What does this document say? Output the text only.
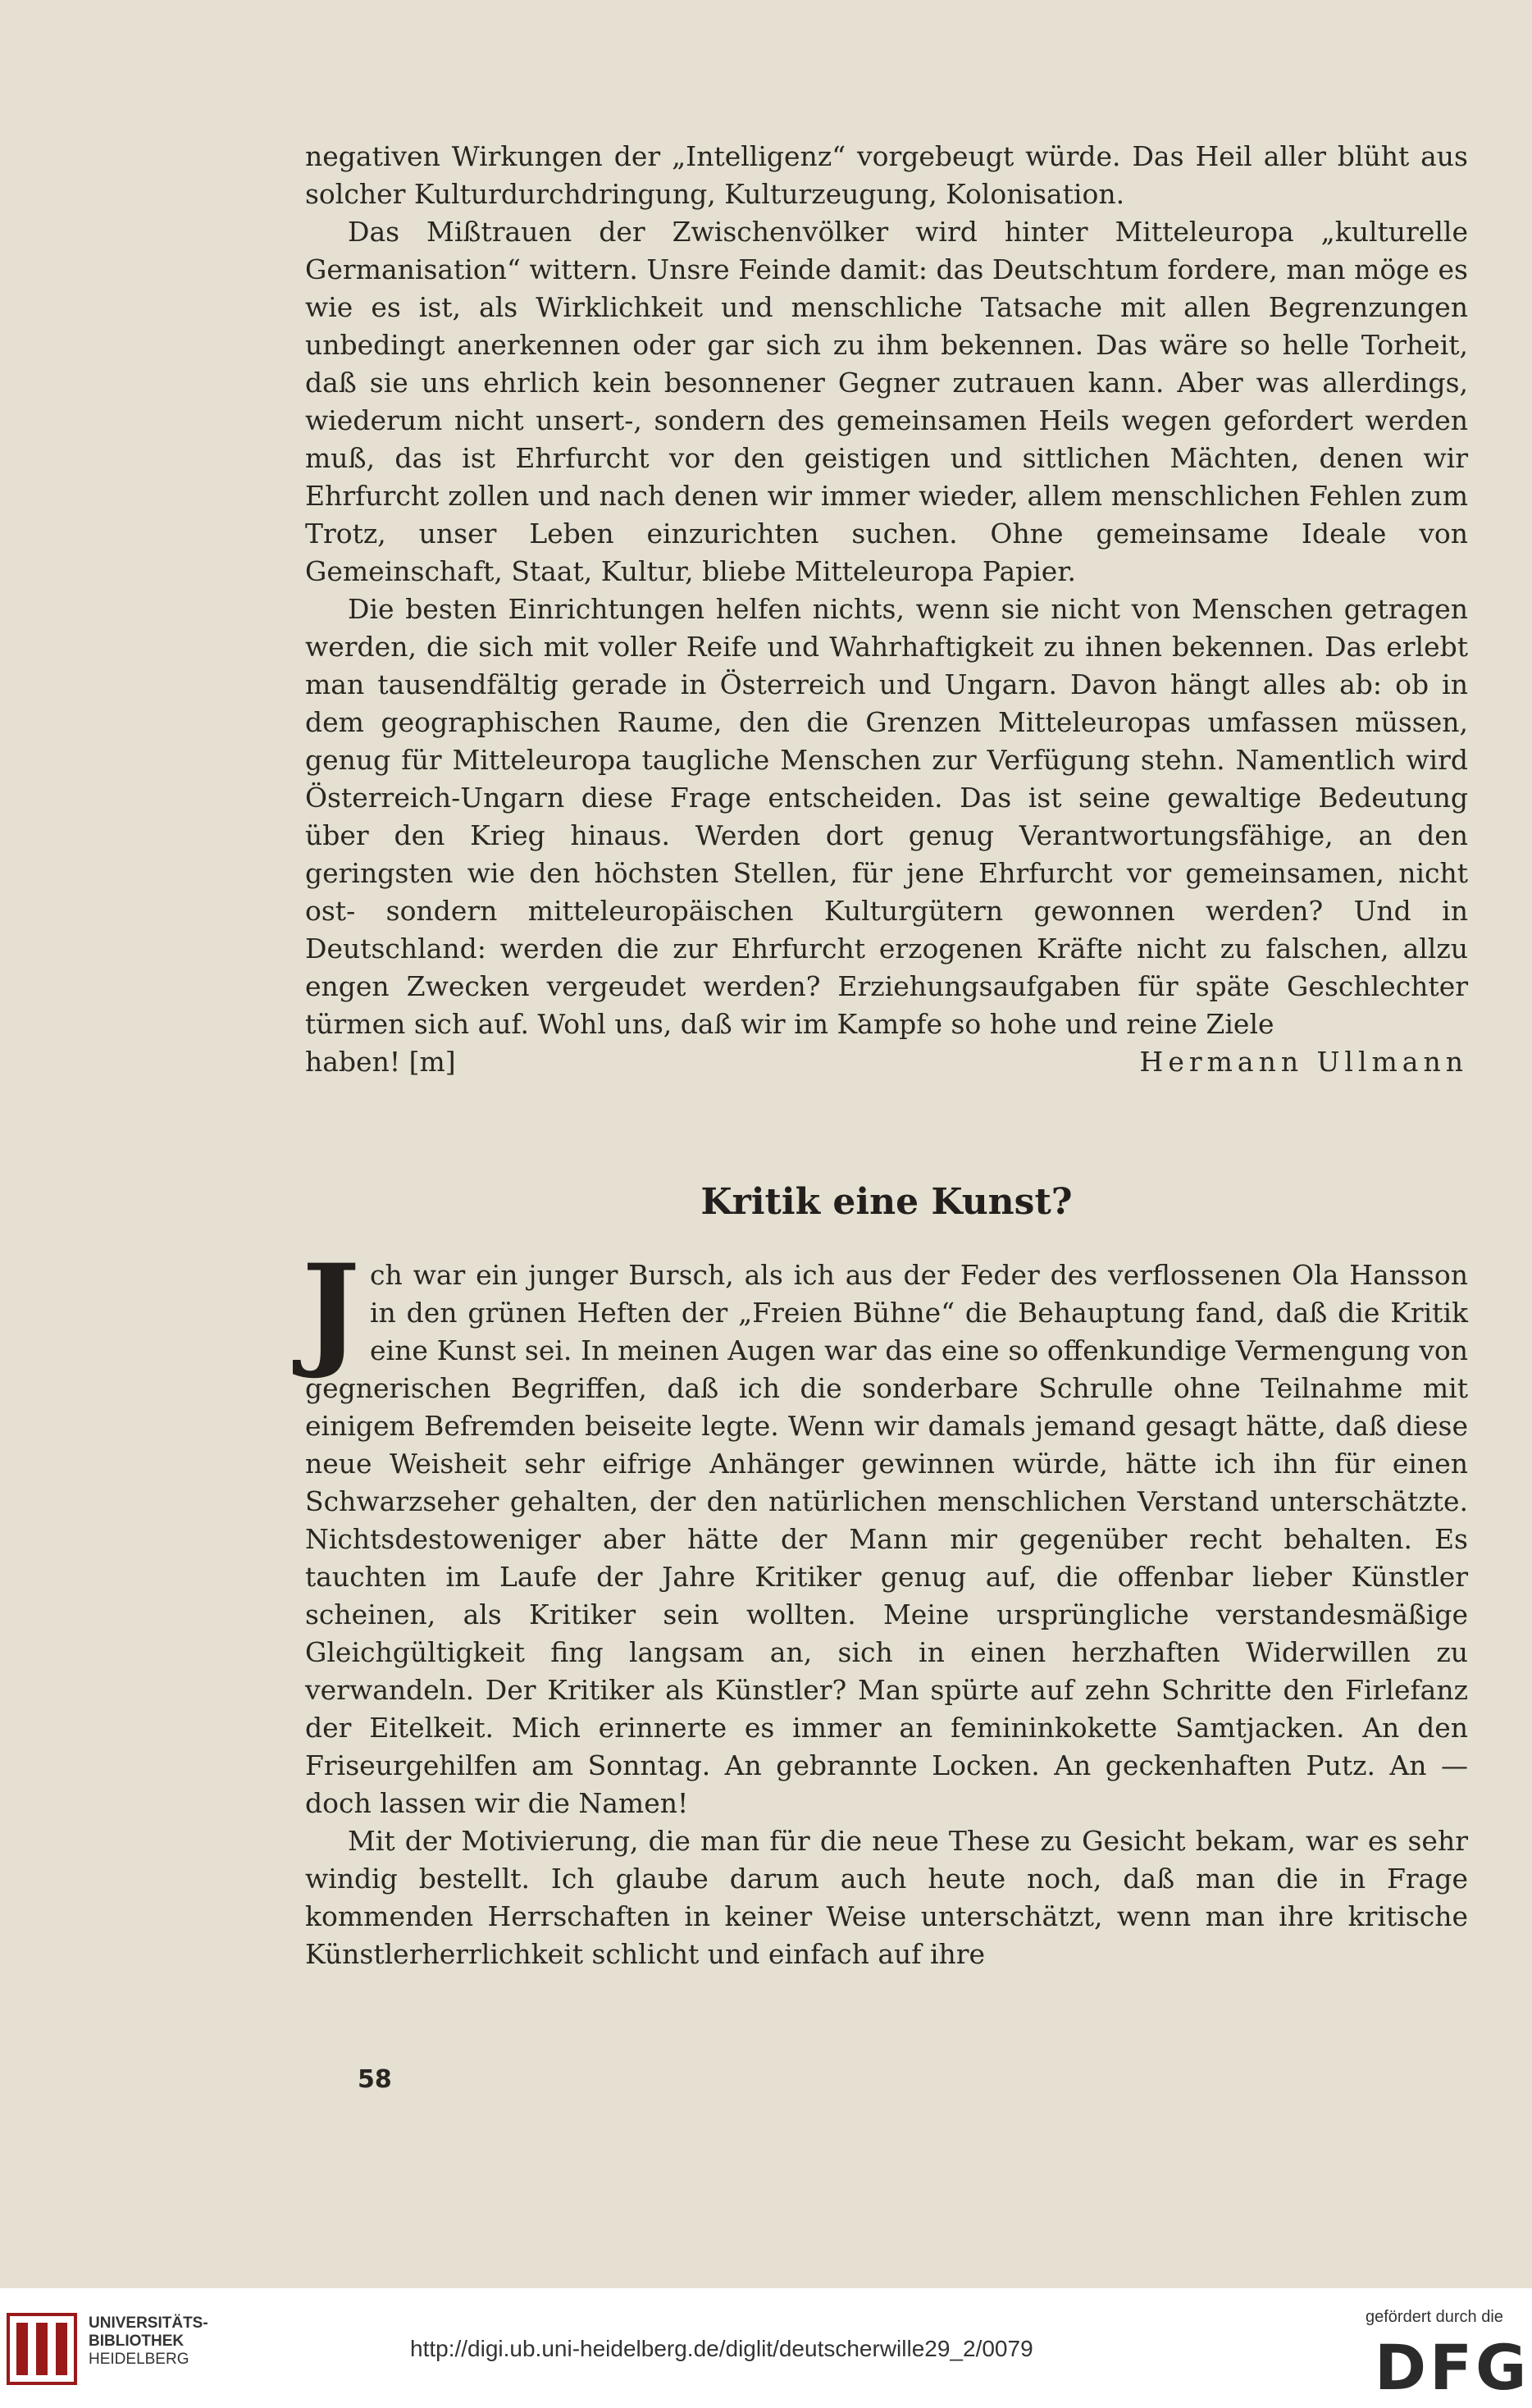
negativen Wirkungen der „Intelligenz“ vorgebeugt würde. Das Heil aller blüht aus solcher Kulturdurchdringung, Kulturzeugung, Kolonisation.

Das Mißtrauen der Zwischenvölker wird hinter Mitteleuropa „kulturelle Germanisation“ wittern. Unsre Feinde damit: das Deutschtum fordere, man möge es wie es ist, als Wirklichkeit und menschliche Tatsache mit allen Begrenzungen unbedingt anerkennen oder gar sich zu ihm bekennen. Das wäre so helle Torheit, daß sie uns ehrlich kein besonnener Gegner zutrauen kann. Aber was allerdings, wiederum nicht unsert-, sondern des gemeinsamen Heils wegen gefordert werden muß, das ist Ehrfurcht vor den geistigen und sittlichen Mächten, denen wir Ehrfurcht zollen und nach denen wir immer wieder, allem menschlichen Fehlen zum Trotz, unser Leben einzurichten suchen. Ohne gemeinsame Ideale von Gemeinschaft, Staat, Kultur, bliebe Mitteleuropa Papier.

Die besten Einrichtungen helfen nichts, wenn sie nicht von Menschen getragen werden, die sich mit voller Reife und Wahrhaftigkeit zu ihnen bekennen. Das erlebt man tausendfältig gerade in Österreich und Ungarn. Davon hängt alles ab: ob in dem geographischen Raume, den die Grenzen Mitteleuropas umfassen müssen, genug für Mitteleuropa taugliche Menschen zur Verfügung stehn. Namentlich wird Österreich-Ungarn diese Frage entscheiden. Das ist seine gewaltige Bedeutung über den Krieg hinaus. Werden dort genug Verantwortungsfähige, an den geringsten wie den höchsten Stellen, für jene Ehrfurcht vor gemeinsamen, nicht ost- sondern mitteleuropäischen Kulturgütern gewonnen werden? Und in Deutschland: werden die zur Ehrfurcht erzogenen Kräfte nicht zu falschen, allzu engen Zwecken vergeudet werden? Erziehungsaufgaben für späte Geschlechter türmen sich auf. Wohl uns, daß wir im Kampfe so hohe und reine Ziele

haben! [m]	Hermann Ullmann
Kritik eine Kunst?
J ch war ein junger Bursch, als ich aus der Feder des verflossenen Ola Hansson in den grünen Heften der „Freien Bühne“ die Behauptung fand, daß die Kritik eine Kunst sei. In meinen Augen war das eine so offenkundige Vermengung von gegnerischen Begriffen, daß ich die sonderbare Schrulle ohne Teilnahme mit einigem Befremden beiseite legte. Wenn wir damals jemand gesagt hätte, daß diese neue Weisheit sehr eifrige Anhänger gewinnen würde, hätte ich ihn für einen Schwarzseher gehalten, der den natürlichen menschlichen Verstand unterschätzte. Nichtsdestoweniger aber hätte der Mann mir gegenüber recht behalten. Es tauchten im Laufe der Jahre Kritiker genug auf, die offenbar lieber Künstler scheinen, als Kritiker sein wollten. Meine ursprüngliche verstandesmäßige Gleichgültigkeit fing langsam an, sich in einen herzhaften Widerwillen zu verwandeln. Der Kritiker als Künstler? Man spürte auf zehn Schritte den Firlefanz der Eitelkeit. Mich erinnerte es immer an femininkokette Samtjacken. An den Friseurgehilfen am Sonntag. An gebrannte Locken. An geckenhaften Putz. An — doch lassen wir die Namen!

Mit der Motivierung, die man für die neue These zu Gesicht bekam, war es sehr windig bestellt. Ich glaube darum auch heute noch, daß man die in Frage kommenden Herrschaften in keiner Weise unterschätzt, wenn man ihre kritische Künstlerherrlichkeit schlicht und einfach auf ihre

58
UNIVERSITÄTS-
BIBLIOTHEK
HEIDELBERG	http://digi.ub.uni-heidelberg.de/diglit/deutscherwille29_2/0079
gefördert durch die
DFG
